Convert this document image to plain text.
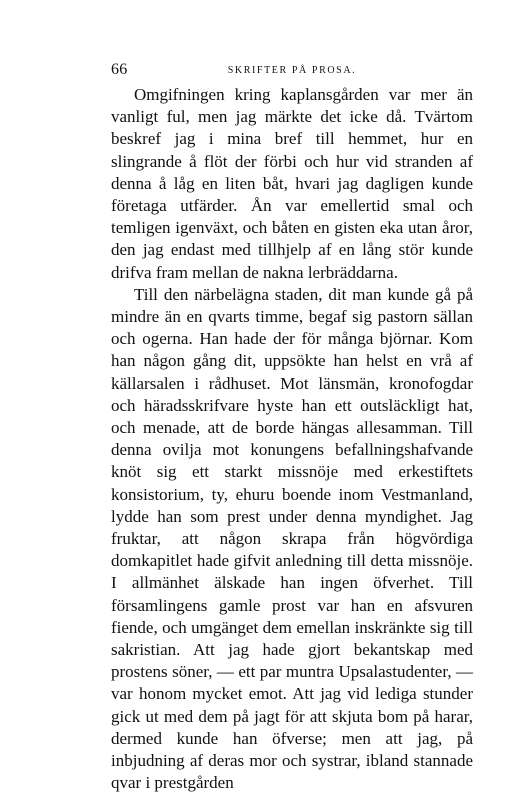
66	SKRIFTER PÅ PROSA.

Omgifningen kring kaplansgården var mer än vanligt ful, men jag märkte det icke då. Tvärtom beskref jag i mina bref till hemmet, hur en slingrande å flöt der förbi och hur vid stranden af denna å låg en liten båt, hvari jag dagligen kunde företaga utfärder. Ån var emellertid smal och temligen igenväxt, och båten en gisten eka utan åror, den jag endast med tillhjelp af en lång stör kunde drifva fram mellan de nakna lerbräddarna.

Till den närbelägna staden, dit man kunde gå på mindre än en qvarts timme, begaf sig pastorn sällan och ogerna. Han hade der för många björnar. Kom han någon gång dit, uppsökte han helst en vrå af källarsalen i rådhuset. Mot länsmän, kronofogdar och häradsskrifvare hyste han ett outsläckligt hat, och menade, att de borde hängas allesamman. Till denna ovilja mot konungens befallningshafvande knöt sig ett starkt missnöje med erkestiftets konsistorium, ty, ehuru boende inom Vestmanland, lydde han som prest under denna myndighet. Jag fruktar, att någon skrapa från högvördiga domkapitlet hade gifvit anledning till detta missnöje. I allmänhet älskade han ingen öfverhet. Till församlingens gamle prost var han en afsvuren fiende, och umgänget dem emellan inskränkte sig till sakristian. Att jag hade gjort bekantskap med prostens söner, — ett par muntra Upsalastudenter, — var honom mycket emot. Att jag vid lediga stunder gick ut med dem på jagt för att skjuta bom på harar, dermed kunde han öfverse; men att jag, på inbjudning af deras mor och systrar, ibland stannade qvar i prestgården
